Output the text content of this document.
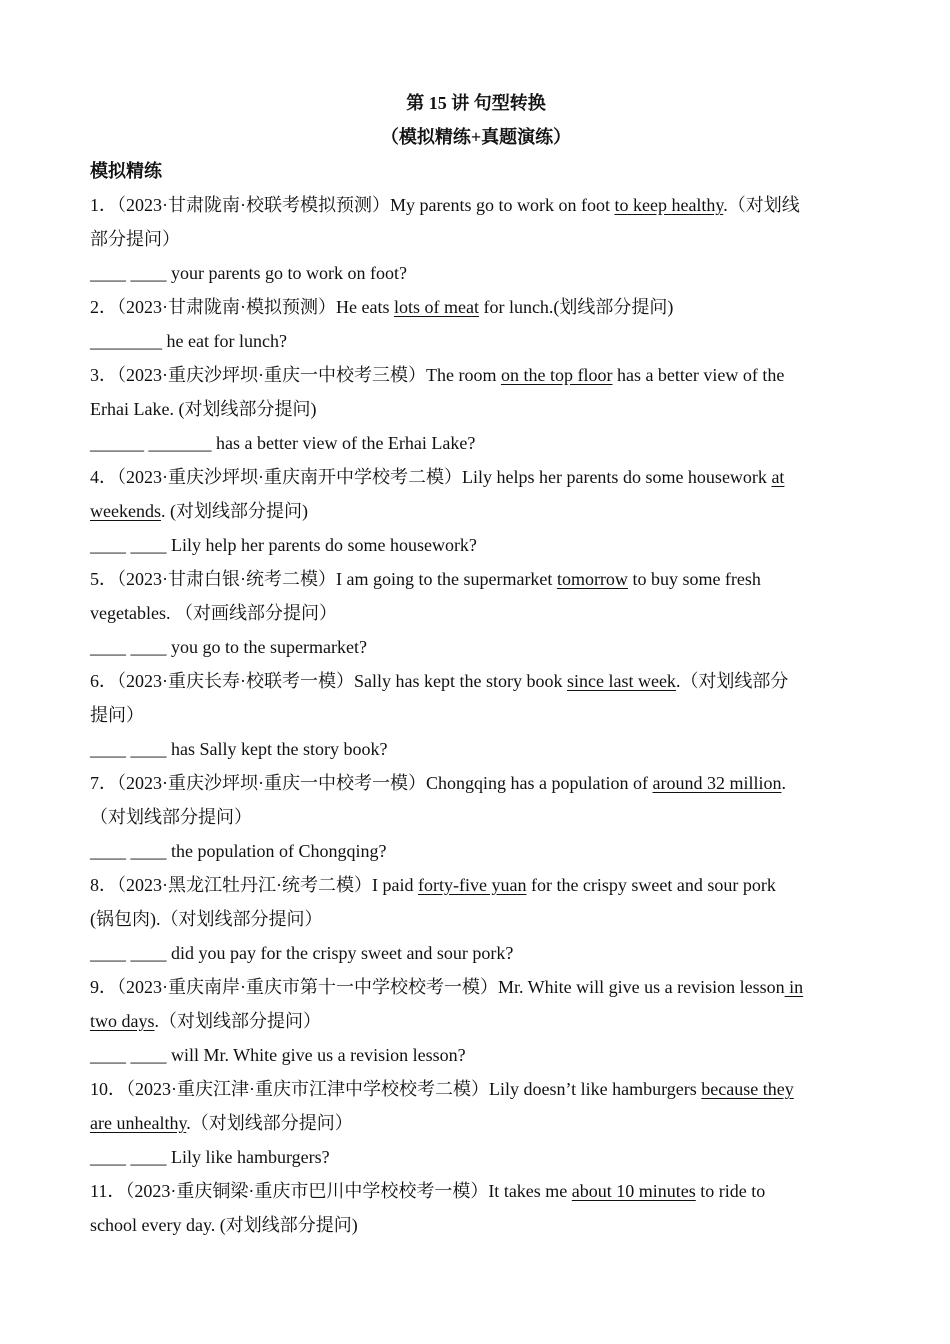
第 15 讲 句型转换
（模拟精练+真题演练）
模拟精练
1．（2023·甘肃陇南·校联考模拟预测）My parents go to work on foot to keep healthy.（对划线
部分提问）
____ ____ your parents go to work on foot?
2．（2023·甘肃陇南·模拟预测）He eats lots of meat for lunch.(划线部分提问)
________ he eat for lunch?
3．（2023·重庆沙坪坝·重庆一中校考三模）The room on the top floor has a better view of the
Erhai Lake. (对划线部分提问)
______ _______ has a better view of the Erhai Lake?
4．（2023·重庆沙坪坝·重庆南开中学校考二模）Lily helps her parents do some housework at
weekends. (对划线部分提问)
____ ____ Lily help her parents do some housework?
5．（2023·甘肃白银·统考二模）I am going to the supermarket tomorrow to buy some fresh
vegetables. （对画线部分提问）
____ ____ you go to the supermarket?
6．（2023·重庆长寿·校联考一模）Sally has kept the story book since last week.（对划线部分
提问）
____ ____ has Sally kept the story book?
7．（2023·重庆沙坪坝·重庆一中校考一模）Chongqing has a population of around 32 million.
（对划线部分提问）
____ ____ the population of Chongqing?
8．（2023·黑龙江牡丹江·统考二模）I paid forty-five yuan for the crispy sweet and sour pork
(锅包肉).（对划线部分提问）
____ ____ did you pay for the crispy sweet and sour pork?
9．（2023·重庆南岸·重庆市第十一中学校校考一模）Mr. White will give us a revision lesson in
two days.（对划线部分提问）
____ ____ will Mr. White give us a revision lesson?
10．（2023·重庆江津·重庆市江津中学校校考二模）Lily doesn’t like hamburgers because they
are unhealthy.（对划线部分提问）
____ ____ Lily like hamburgers?
11．（2023·重庆铜梁·重庆市巴川中学校校考一模）It takes me about 10 minutes to ride to
school every day. (对划线部分提问)
